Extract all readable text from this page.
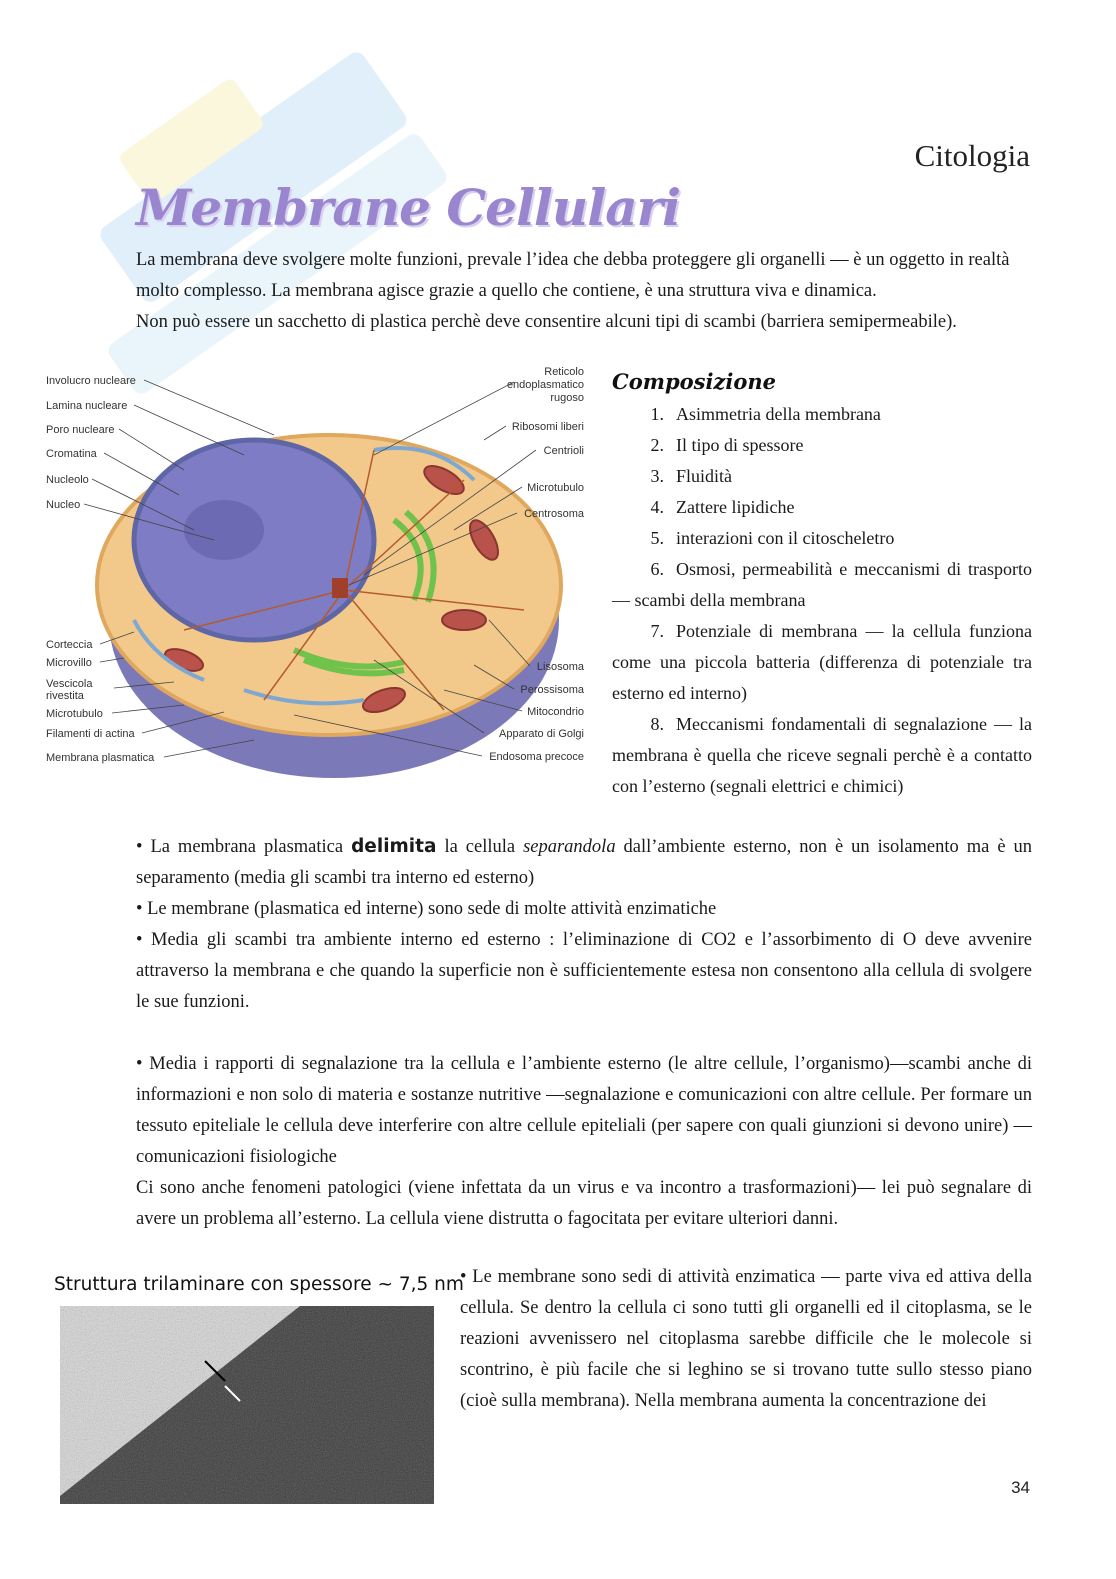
Citologia
Membrane Cellulari

La membrana deve svolgere molte funzioni, prevale l’idea che debba proteggere gli organelli — è un oggetto in realtà molto complesso. La membrana agisce grazie a quello che contiene, è una struttura viva e dinamica.

Non può essere un sacchetto di plastica perchè deve consentire alcuni tipi di scambi (barriera semipermeabile).

Involucro nucleare
Lamina nucleare
Poro nucleare
Cromatina
Nucleolo
Nucleo
Corteccia
Microvillo
Vescicola
rivestita
Microtubulo
Filamenti di actina
Membrana plasmatica
Reticolo
endoplasmatico
rugoso
Ribosomi liberi
Centrioli
Microtubulo
Centrosoma
Lisosoma
Perossisoma
Mitocondrio
Apparato di Golgi
Endosoma precoce
Composizione
1. Asimmetria della membrana
2. Il tipo di spessore
3. Fluidità
4. Zattere lipidiche
5. interazioni con il citoscheletro
6. Osmosi, permeabilità e meccanismi di trasporto — scambi della membrana
7. Potenziale di membrana — la cellula funziona come una piccola batteria (differenza di potenziale tra esterno ed interno)
8. Meccanismi fondamentali di segnalazione — la membrana è quella che riceve segnali perchè è a contatto con l’esterno (segnali elettrici e chimici)

• La membrana plasmatica delimita la cellula separandola dall’ambiente esterno, non è un isolamento ma è un separamento (media gli scambi tra interno ed esterno)

• Le membrane (plasmatica ed interne) sono sede di molte attività enzimatiche

• Media gli scambi tra ambiente interno ed esterno : l’eliminazione di CO2 e l’assorbimento di O deve avvenire attraverso la membrana e che quando la superficie non è sufficientemente estesa non consentono alla cellula di svolgere le sue funzioni.

• Media i rapporti di segnalazione tra la cellula e l’ambiente esterno (le altre cellule, l’organismo)—scambi anche di informazioni e non solo di materia e sostanze nutritive —segnalazione e comunicazioni con altre cellule. Per formare un tessuto epiteliale le cellula deve interferire con altre cellule epiteliali (per sapere con quali giunzioni si devono unire) — comunicazioni fisiologiche

Ci sono anche fenomeni patologici (viene infettata da un virus e va incontro a trasformazioni)— lei può segnalare di avere un problema all’esterno. La cellula viene distrutta o fagocitata per evitare ulteriori danni.

Struttura trilaminare con spessore ~ 7,5 nm
• Le membrane sono sedi di attività enzimatica — parte viva ed attiva della cellula. Se dentro la cellula ci sono tutti gli organelli ed il citoplasma, se le reazioni avvenissero nel citoplasma sarebbe difficile che le molecole si scontrino, è più facile che si leghino se si trovano tutte sullo stesso piano (cioè sulla membrana). Nella membrana aumenta la concentrazione dei
34
